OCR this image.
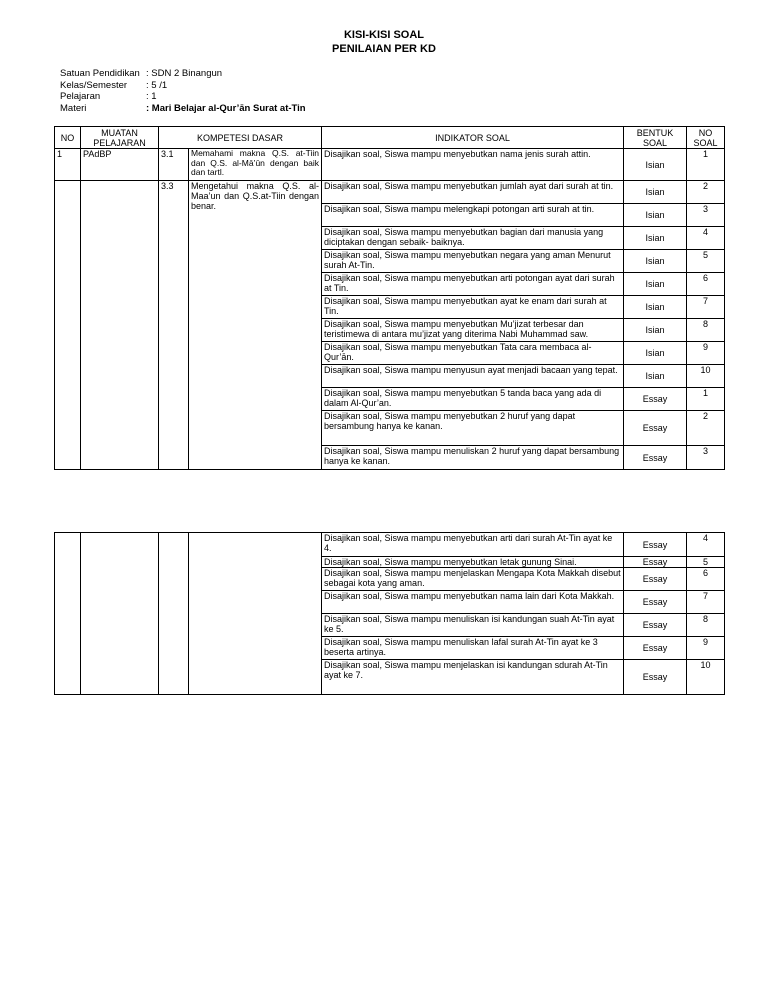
KISI-KISI SOAL
PENILAIAN PER KD
Satuan Pendidikan : SDN 2 Binangun
Kelas/Semester	: 5 /1
Pelajaran	: 1
Materi	: Mari Belajar al-Qur’ān Surat at-Tin
NO	MUATAN PELAJARAN	KOMPETESI DASAR		INDIKATOR SOAL	BENTUK SOAL	NO SOAL
1	PAdBP	3.1	Memahami makna Q.S. at-Tiin dan Q.S. al-Mā’ūn dengan baik dan tartl.	Disajikan soal, Siswa mampu menyebutkan nama jenis surah attin.	Isian	1
		3.3	Mengetahui makna Q.S. al-Maa’un dan Q.S.at-Tiin dengan benar.	Disajikan soal, Siswa mampu menyebutkan jumlah ayat dari surah at tin.	Isian	2
				Disajikan soal, Siswa mampu melengkapi potongan arti surah at tin.	Isian	3
				Disajikan soal, Siswa mampu menyebutkan bagian dari manusia yang diciptakan dengan sebaik- baiknya.	Isian	4
				Disajikan soal, Siswa mampu menyebutkan negara yang aman Menurut surah At-Tin.	Isian	5
				Disajikan soal, Siswa mampu menyebutkan arti potongan ayat dari surah at Tin.	Isian	6
				Disajikan soal, Siswa mampu menyebutkan ayat ke enam dari surah at Tin.	Isian	7
				Disajikan soal, Siswa mampu menyebutkan Mu’jizat terbesar dan teristimewa di antara mu’jizat yang diterima Nabi Muhammad saw.	Isian	8
				Disajikan soal, Siswa mampu menyebutkan Tata cara membaca al-Qur’ān.	Isian	9
				Disajikan soal, Siswa mampu menyusun ayat menjadi bacaan yang tepat.	Isian	10
				Disajikan soal, Siswa mampu menyebutkan 5 tanda baca yang ada di dalam Al-Qur’an.	Essay	1
				Disajikan soal, Siswa mampu menyebutkan 2 huruf yang dapat bersambung hanya ke kanan.	Essay	2
				Disajikan soal, Siswa mampu menuliskan 2 huruf yang dapat bersambung hanya ke kanan.	Essay	3
				Disajikan soal, Siswa mampu menyebutkan arti dari surah At-Tin ayat ke 4.	Essay	4
				Disajikan soal, Siswa mampu menyebutkan letak gunung Sinai.	Essay	5
				Disajikan soal, Siswa mampu menjelaskan Mengapa Kota Makkah disebut sebagai kota yang aman.	Essay	6
				Disajikan soal, Siswa mampu menyebutkan nama lain dari Kota Makkah.	Essay	7
				Disajikan soal, Siswa mampu menuliskan isi kandungan suah At-Tin ayat ke 5.	Essay	8
				Disajikan soal, Siswa mampu menuliskan lafal surah At-Tin ayat ke 3 beserta artinya.	Essay	9
				Disajikan soal, Siswa mampu menjelaskan isi kandungan sdurah At-Tin ayat ke 7.	Essay	10
